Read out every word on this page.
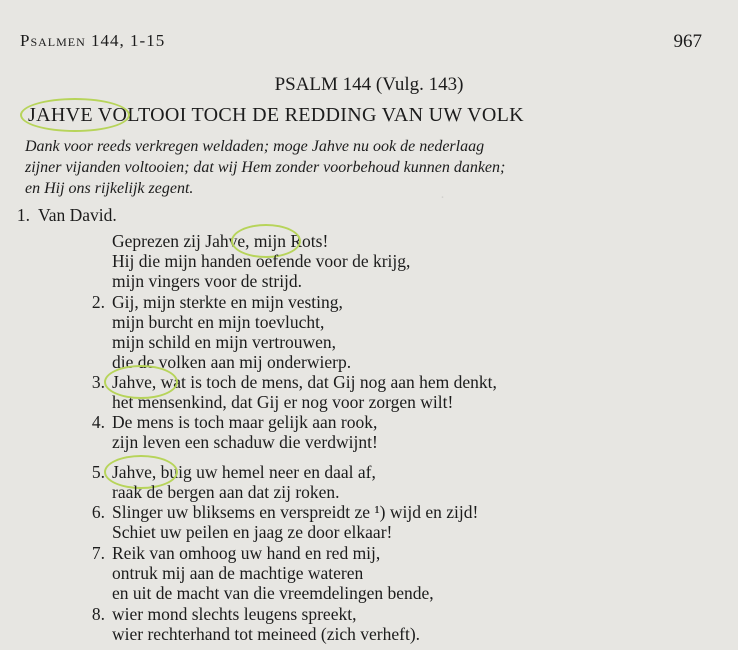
·
Psalmen 144, 1-15	967
PSALM 144 (Vulg. 143)
JAHVE VOLTOOI TOCH DE REDDING VAN UW VOLK
Dank voor reeds verkregen weldaden; moge Jahve nu ook de nederlaag
zijner vijanden voltooien; dat wij Hem zonder voorbehoud kunnen danken;
en Hij ons rijkelijk zegent.
1. Van David.
Geprezen zij Jahve, mijn Rots!
Hij die mijn handen oefende voor de krijg,
mijn vingers voor de strijd.
2. Gij, mijn sterkte en mijn vesting,
mijn burcht en mijn toevlucht,
mijn schild en mijn vertrouwen,
die de volken aan mij onderwierp.
3. Jahve, wat is toch de mens, dat Gij nog aan hem denkt,
het mensenkind, dat Gij er nog voor zorgen wilt!
4. De mens is toch maar gelijk aan rook,
zijn leven een schaduw die verdwijnt!
5. Jahve, buig uw hemel neer en daal af,
raak de bergen aan dat zij roken.
6. Slinger uw bliksems en verspreidt ze ¹) wijd en zijd!
Schiet uw peilen en jaag ze door elkaar!
7. Reik van omhoog uw hand en red mij,
ontruk mij aan de machtige wateren
en uit de macht van die vreemdelingen bende,
8. wier mond slechts leugens spreekt,
wier rechterhand tot meineed (zich verheft).
